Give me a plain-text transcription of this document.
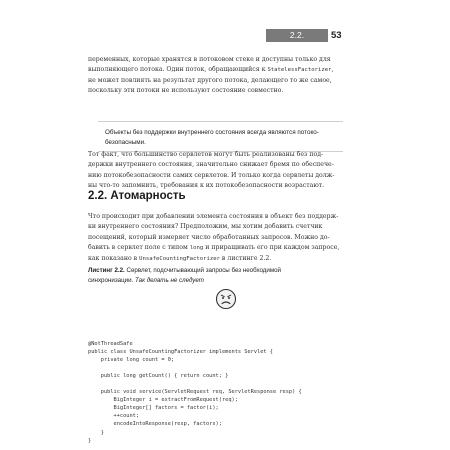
2.2. Атомарность
53
переменных, которые хранятся в потоковом стеке и доступны только для
выполняющего потока. Один поток, обращающийся к StatelessFactorizer,
не может повлиять на результат другого потока, делающего то же самое,
поскольку эти потоки не используют состояние совместно.
Объекты без поддержки внутреннего состояния всегда являются потоко-
безопасными.
Тот факт, что большинство сервлетов могут быть реализованы без под-
держки внутреннего состояния, значительно снижает бремя по обеспече-
нию потокобезопасности самих сервлетов. И только когда сервлеты долж-
ны что-то запомнить, требования к их потокобезопасности возрастают.
2.2. Атомарность
Что происходит при добавлении элемента состояния в объект без поддерж-
ки внутреннего состояния? Предположим, мы хотим добавить счетчик
посещений, который измеряет число обработанных запросов. Можно до-
бавить в сервлет поле с типом long и приращивать его при каждом запросе,
как показано в UnsafeCountingFactorizer в листинге 2.2.
Листинг 2.2. Сервлет, подсчитывающий запросы без необходимой
синхронизации. Так делать не следует
@NotThreadSafe
public class UnsafeCountingFactorizer implements Servlet {
private long count = 0;
public long getCount() { return count; }
public void service(ServletRequest req, ServletResponse resp) {
BigInteger i = extractFromRequest(req);
BigInteger[] factors = factor(i);
++count;
encodeIntoResponse(resp, factors);
}
}
